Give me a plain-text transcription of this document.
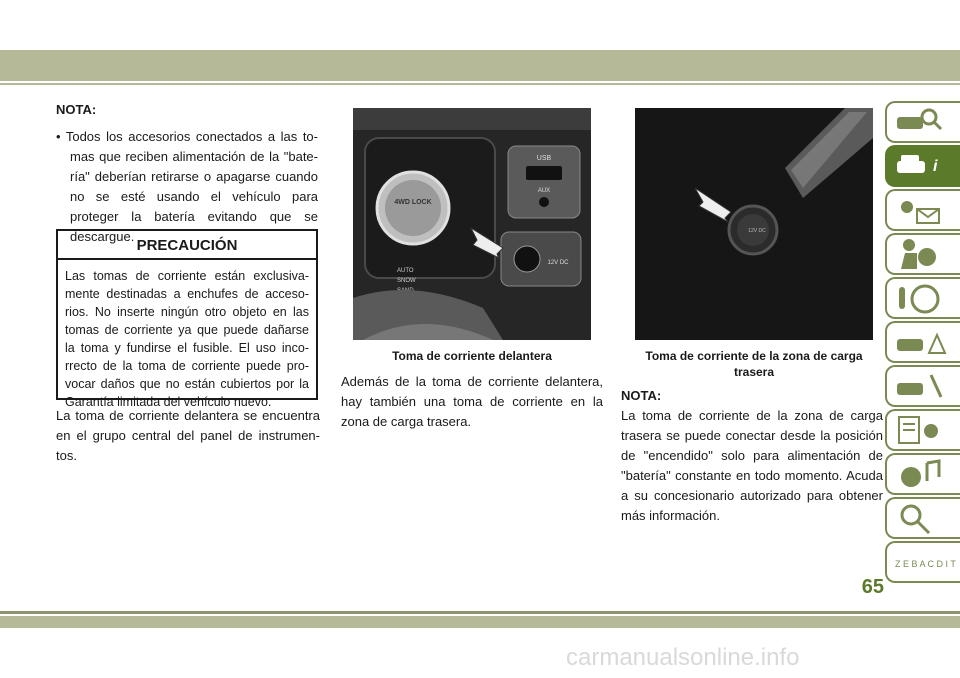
NOTA:

• Todos los accesorios conectados a las to-mas que reciben alimentación de la "bate-ría" deberían retirarse o apagarse cuando no se esté usando el vehículo para proteger la batería evitando que se descargue.

PRECAUCIÓN
Las tomas de corriente están exclusiva-mente destinadas a enchufes de acceso-rios. No inserte ningún otro objeto en las tomas de corriente ya que puede dañarse la toma y fundirse el fusible. El uso inco-rrecto de la toma de corriente puede pro-vocar daños que no están cubiertos por la Garantía limitada del vehículo nuevo.

La toma de corriente delantera se encuentra en el grupo central del panel de instrumen-tos.

4WD LOCK
USB
AUX
12V DC
AUTO
SNOW
Toma de corriente delantera

Además de la toma de corriente delantera, hay también una toma de corriente en la zona de carga trasera.

12V DC
Toma de corriente de la zona de carga trasera

NOTA:

La toma de corriente de la zona de carga trasera se puede conectar desde la posición de "encendido" solo para alimentación de "batería" constante en todo momento. Acuda a su concesionario autorizado para obtener más información.

i
Z E B A C D I T
65
carmanualsonline.info
